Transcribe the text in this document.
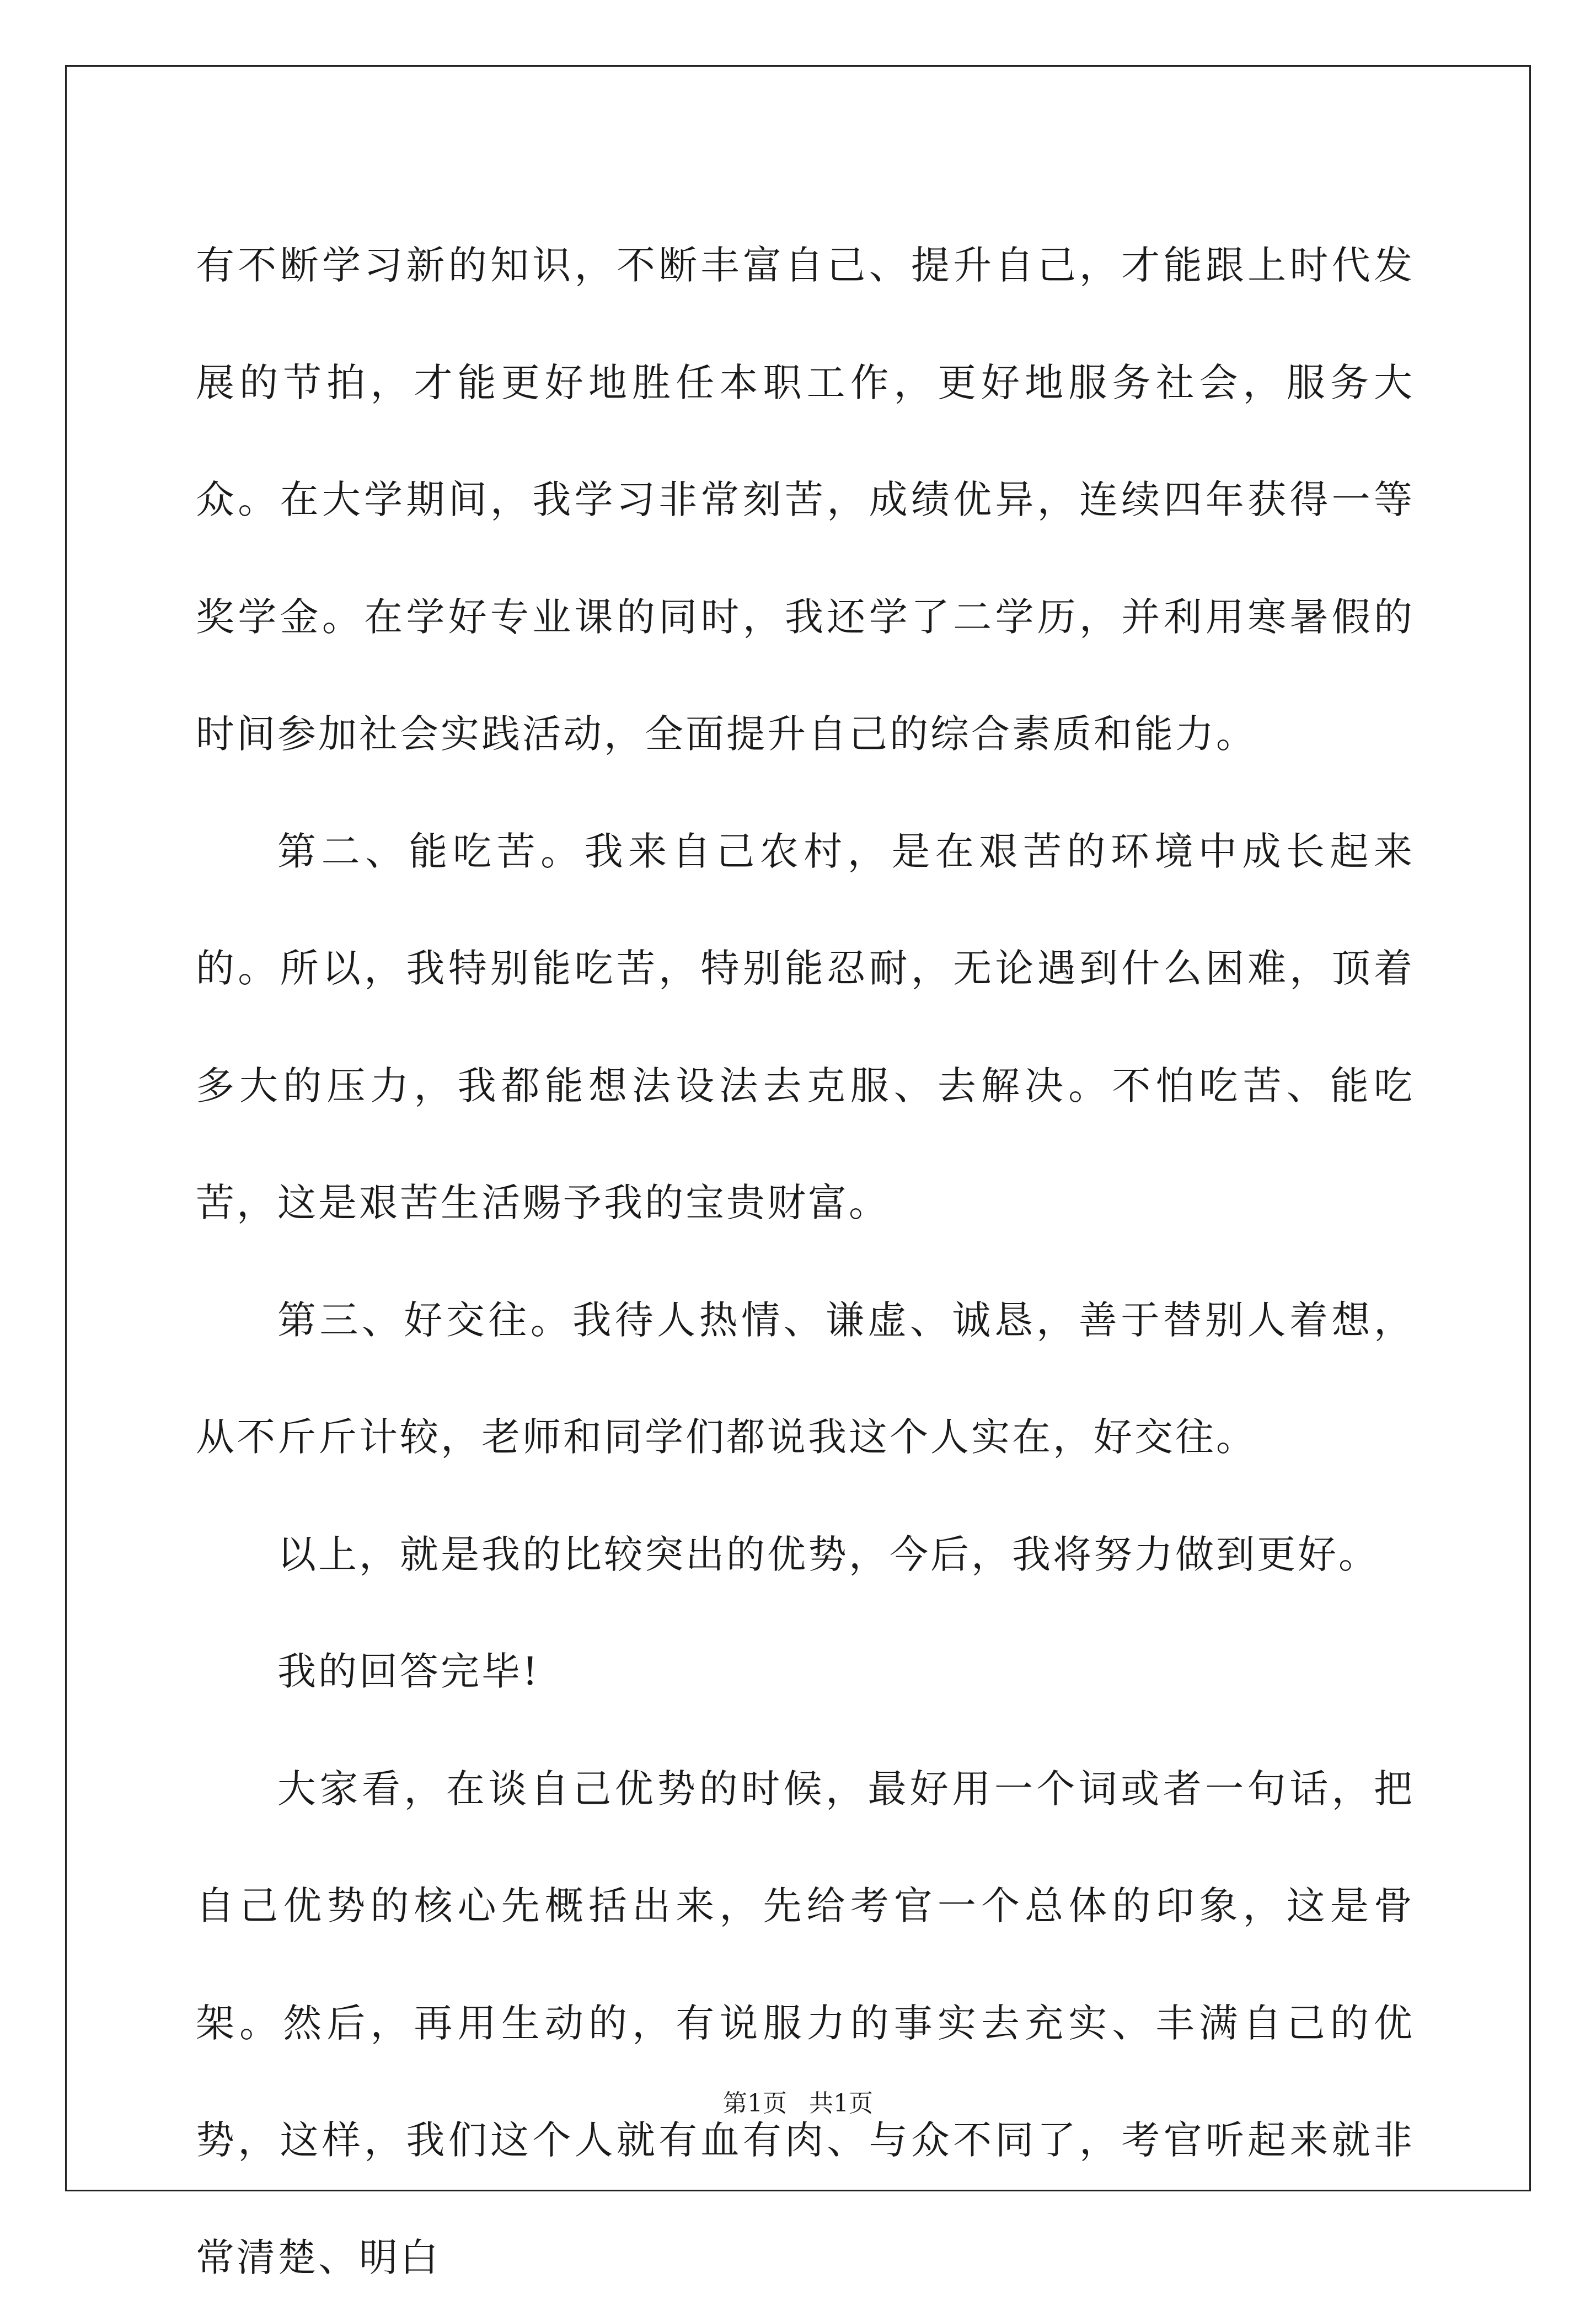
有不断学习新的知识，不断丰富自己、提升自己，才能跟上时代发展的节拍，才能更好地胜任本职工作，更好地服务社会，服务大众。在大学期间，我学习非常刻苦，成绩优异，连续四年获得一等奖学金。在学好专业课的同时，我还学了二学历，并利用寒暑假的时间参加社会实践活动，全面提升自己的综合素质和能力。

第二、能吃苦。我来自己农村，是在艰苦的环境中成长起来的。所以，我特别能吃苦，特别能忍耐，无论遇到什么困难，顶着多大的压力，我都能想法设法去克服、去解决。不怕吃苦、能吃苦，这是艰苦生活赐予我的宝贵财富。

第三、好交往。我待人热情、谦虚、诚恳，善于替别人着想，从不斤斤计较，老师和同学们都说我这个人实在，好交往。

以上，就是我的比较突出的优势，今后，我将努力做到更好。

我的回答完毕!

大家看，在谈自己优势的时候，最好用一个词或者一句话，把自己优势的核心先概括出来，先给考官一个总体的印象，这是骨架。然后，再用生动的，有说服力的事实去充实、丰满自己的优势，这样，我们这个人就有血有肉、与众不同了，考官听起来就非常清楚、明白

第1页 共1页
